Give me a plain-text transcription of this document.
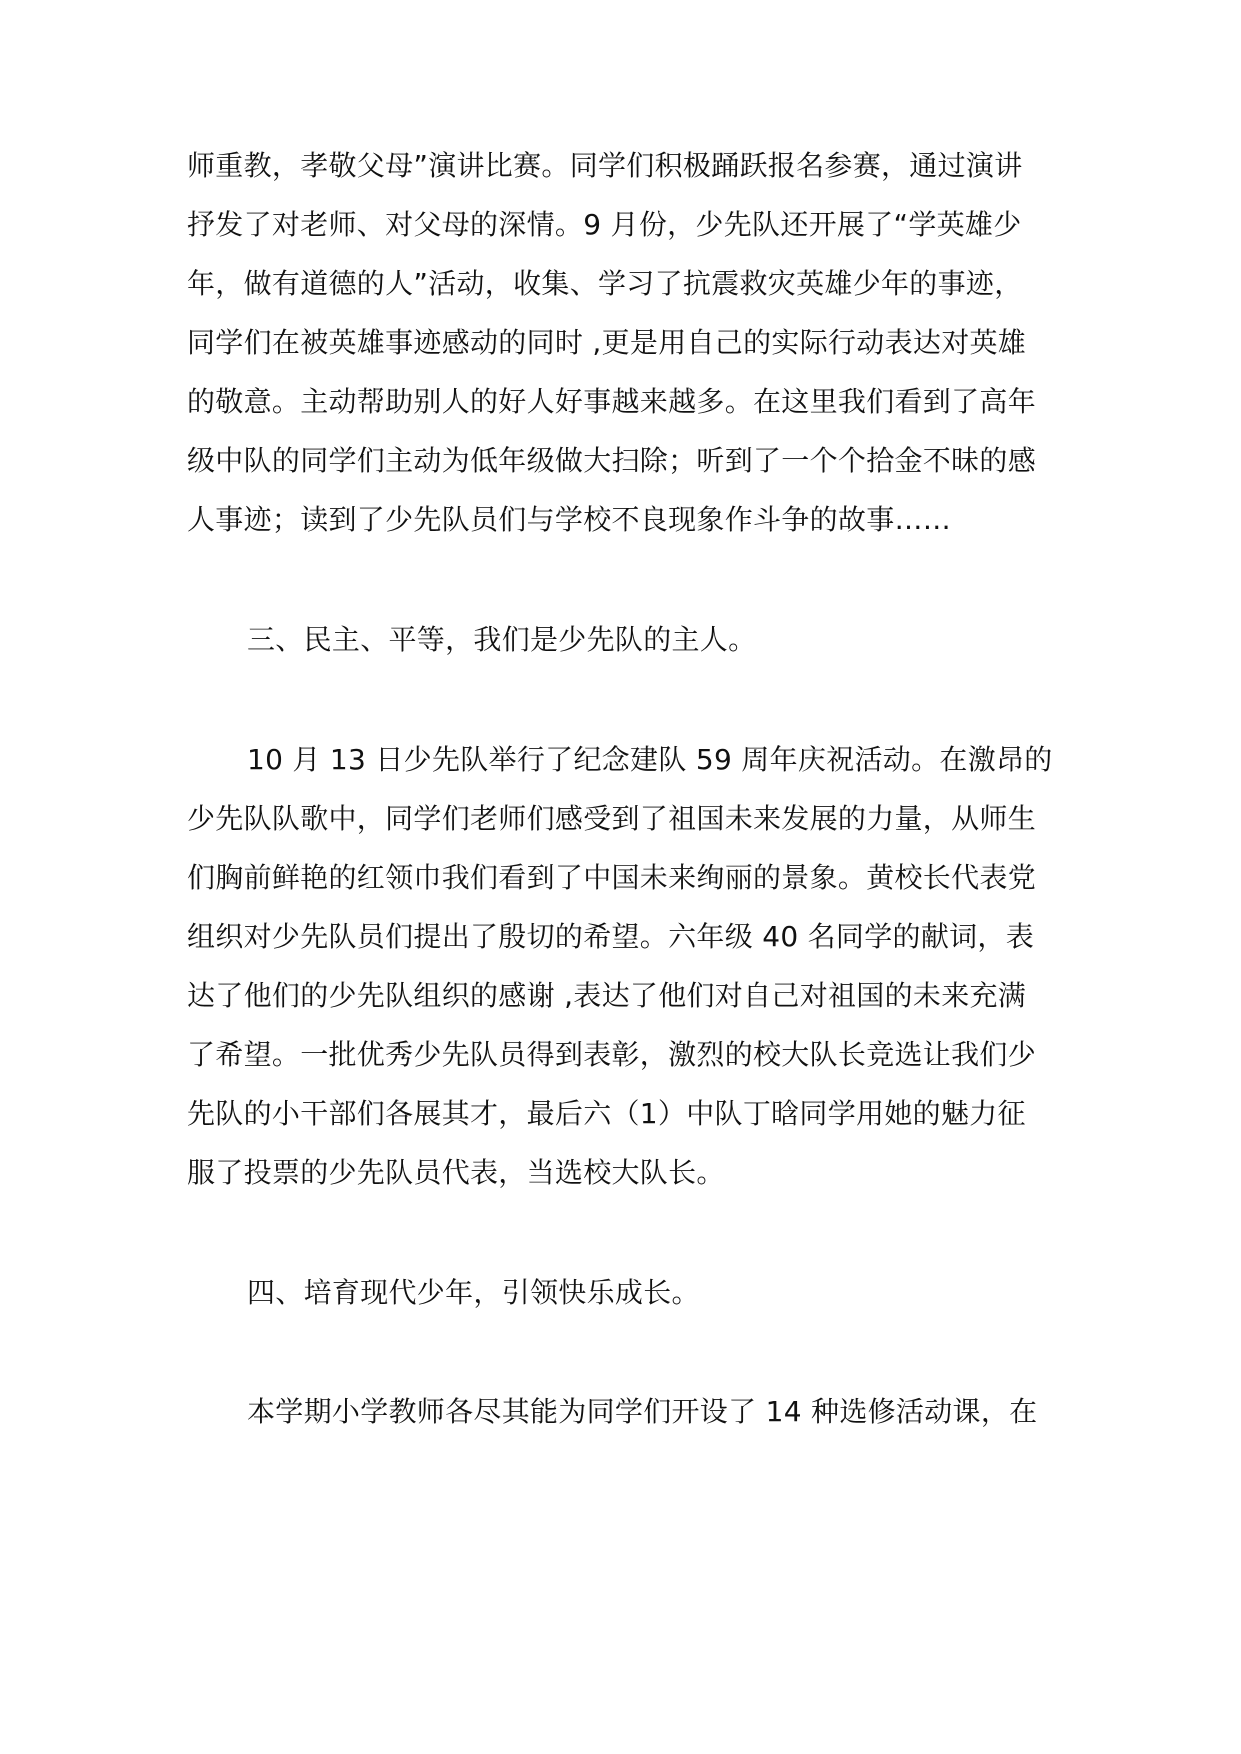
师重教，孝敬父母”演讲比赛。同学们积极踊跃报名参赛，通过演讲
抒发了对老师、对父母的深情。9 月份，少先队还开展了“学英雄少
年，做有道德的人”活动，收集、学习了抗震救灾英雄少年的事迹，
同学们在被英雄事迹感动的同时 ,更是用自己的实际行动表达对英雄
的敬意。主动帮助别人的好人好事越来越多。在这里我们看到了高年
级中队的同学们主动为低年级做大扫除；听到了一个个拾金不昧的感
人事迹；读到了少先队员们与学校不良现象作斗争的故事……
三、民主、平等，我们是少先队的主人。
10 月 13 日少先队举行了纪念建队 59 周年庆祝活动。在激昂的
少先队队歌中，同学们老师们感受到了祖国未来发展的力量，从师生
们胸前鲜艳的红领巾我们看到了中国未来绚丽的景象。黄校长代表党
组织对少先队员们提出了殷切的希望。六年级 40 名同学的献词，表
达了他们的少先队组织的感谢 ,表达了他们对自己对祖国的未来充满
了希望。一批优秀少先队员得到表彰，激烈的校大队长竞选让我们少
先队的小干部们各展其才，最后六（1）中队丁晗同学用她的魅力征
服了投票的少先队员代表，当选校大队长。
四、培育现代少年，引领快乐成长。
本学期小学教师各尽其能为同学们开设了 14 种选修活动课，在
